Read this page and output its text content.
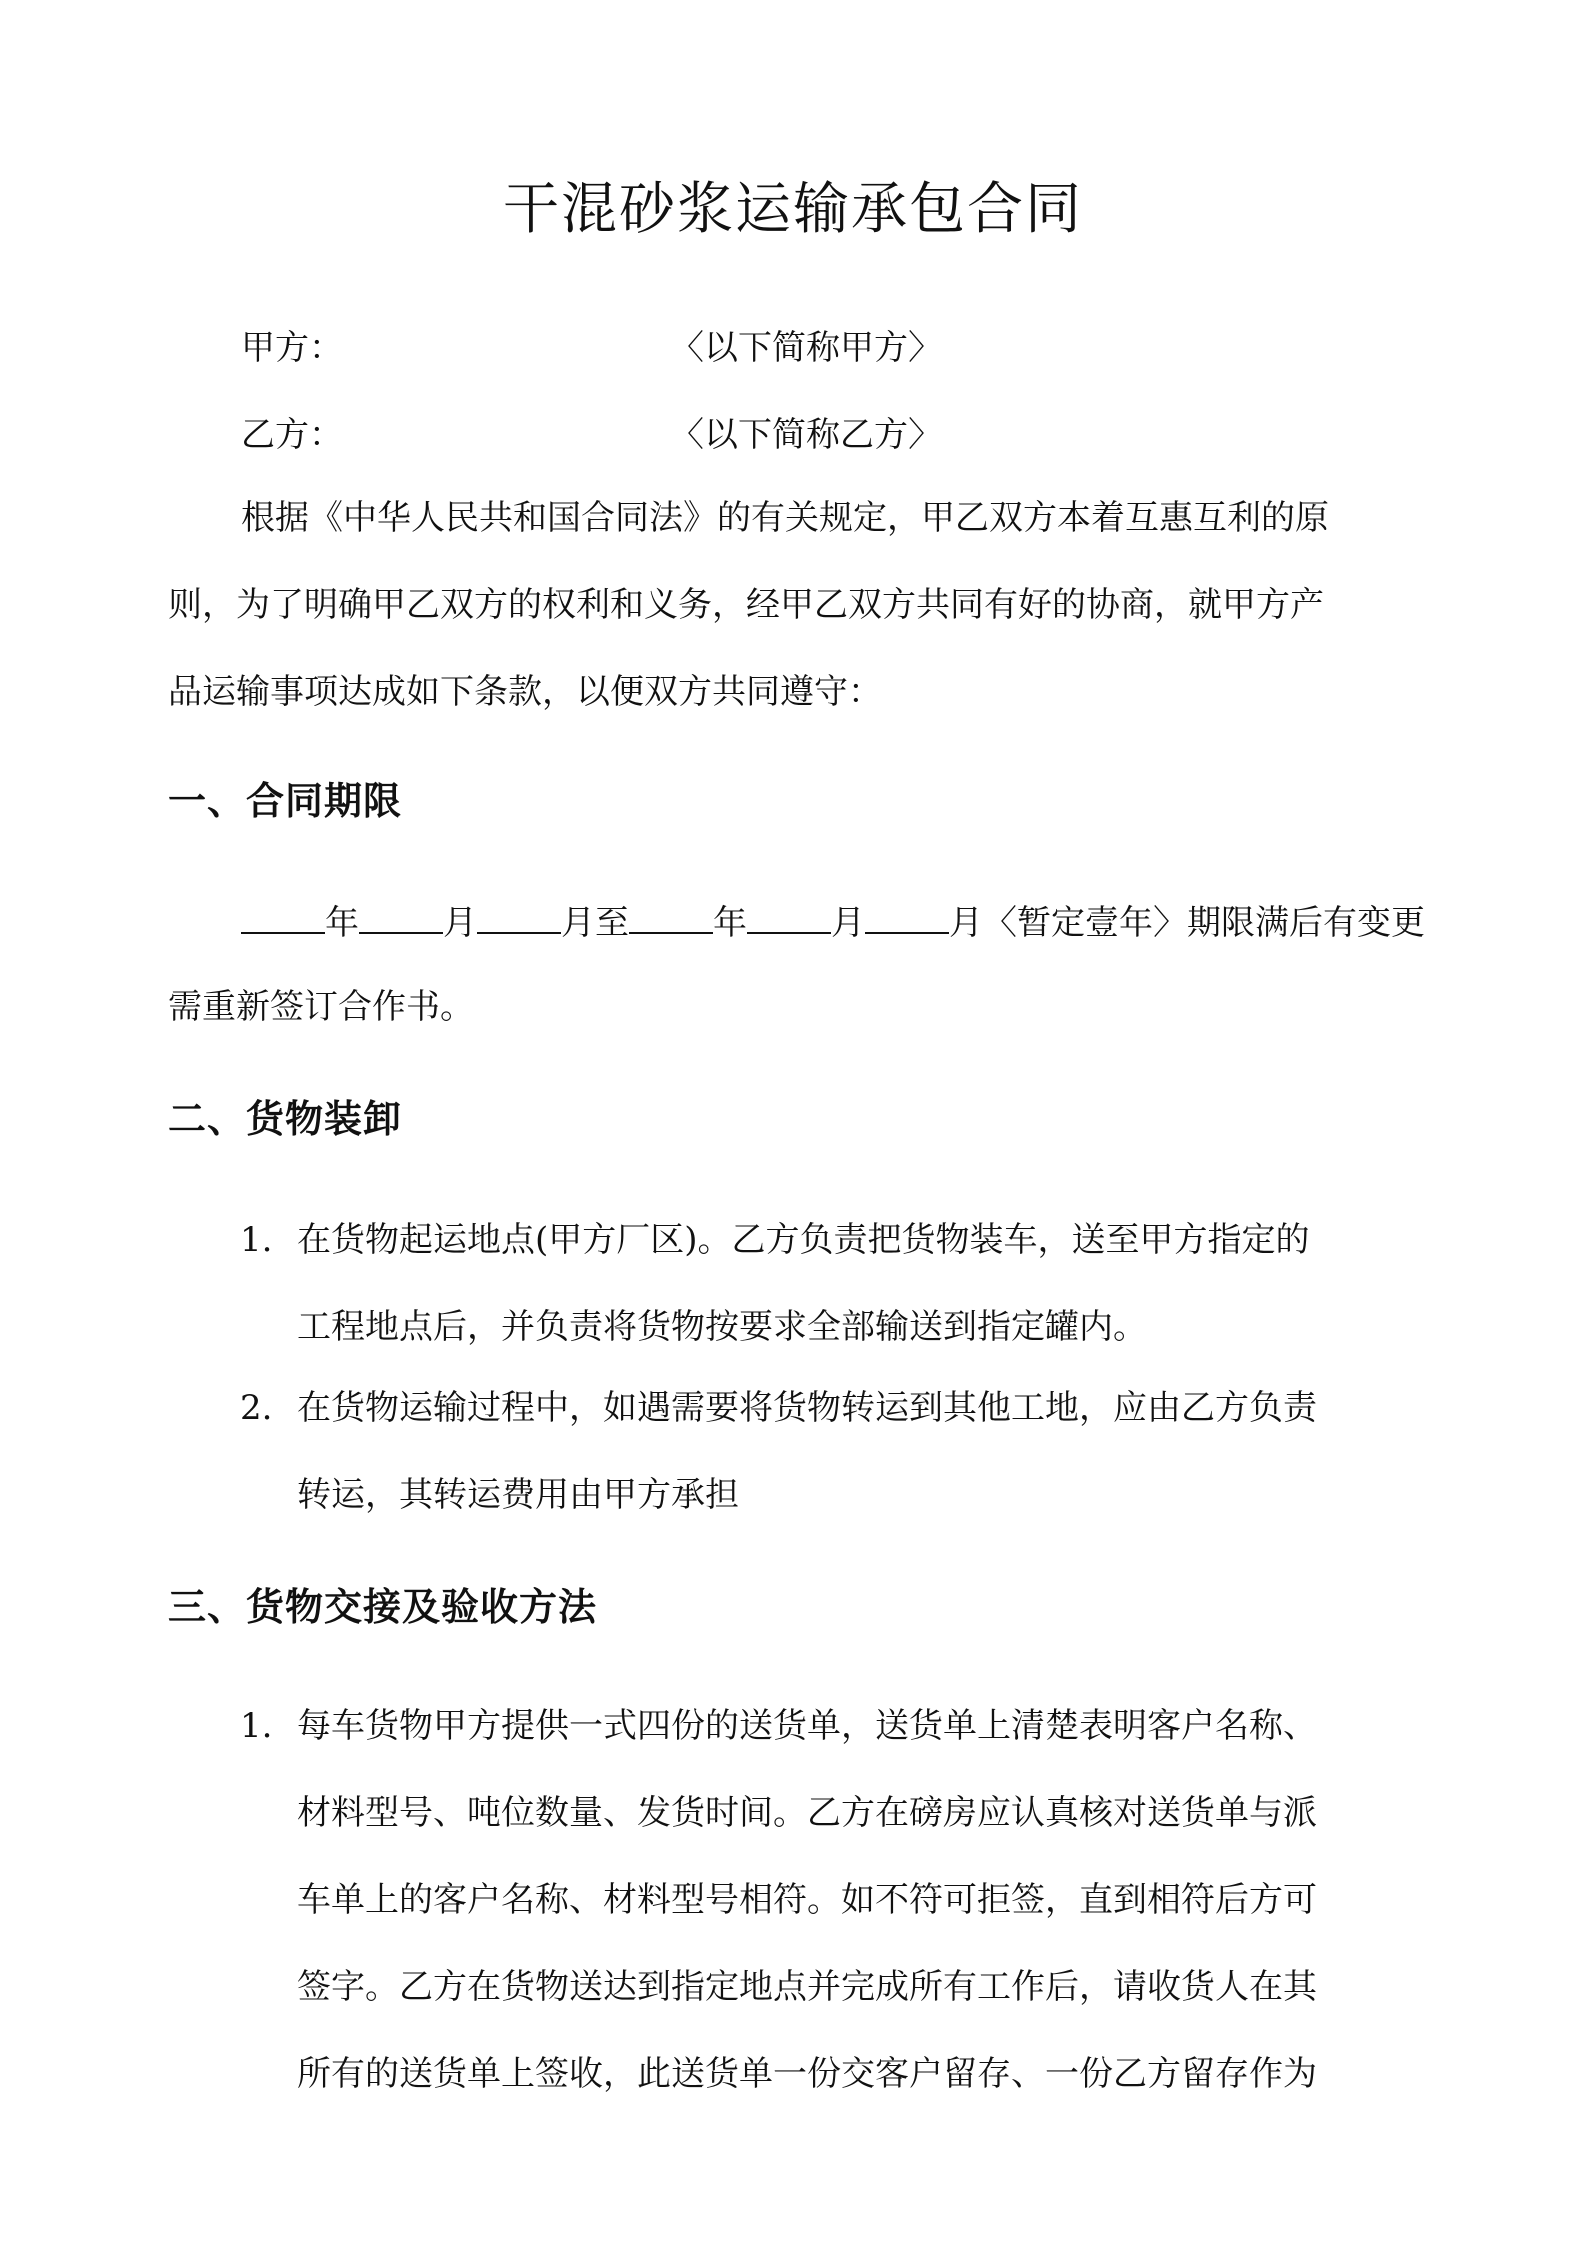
干混砂浆运输承包合同
甲方：	〈以下简称甲方〉
乙方：	〈以下简称乙方〉
根据《中华人民共和国合同法》的有关规定，甲乙双方本着互惠互利的原
则，为了明确甲乙双方的权利和义务，经甲乙双方共同有好的协商，就甲方产
品运输事项达成如下条款，以便双方共同遵守：
一、合同期限
年 月 月至 年 月 月〈暂定壹年〉期限满后有变更
需重新签订合作书。
二、货物装卸
1. 在货物起运地点(甲方厂区)。乙方负责把货物装车，送至甲方指定的
工程地点后，并负责将货物按要求全部输送到指定罐内。
2. 在货物运输过程中，如遇需要将货物转运到其他工地，应由乙方负责
转运，其转运费用由甲方承担
三、货物交接及验收方法
1. 每车货物甲方提供一式四份的送货单，送货单上清楚表明客户名称、
材料型号、吨位数量、发货时间。乙方在磅房应认真核对送货单与派
车单上的客户名称、材料型号相符。如不符可拒签，直到相符后方可
签字。乙方在货物送达到指定地点并完成所有工作后，请收货人在其
所有的送货单上签收，此送货单一份交客户留存、一份乙方留存作为
